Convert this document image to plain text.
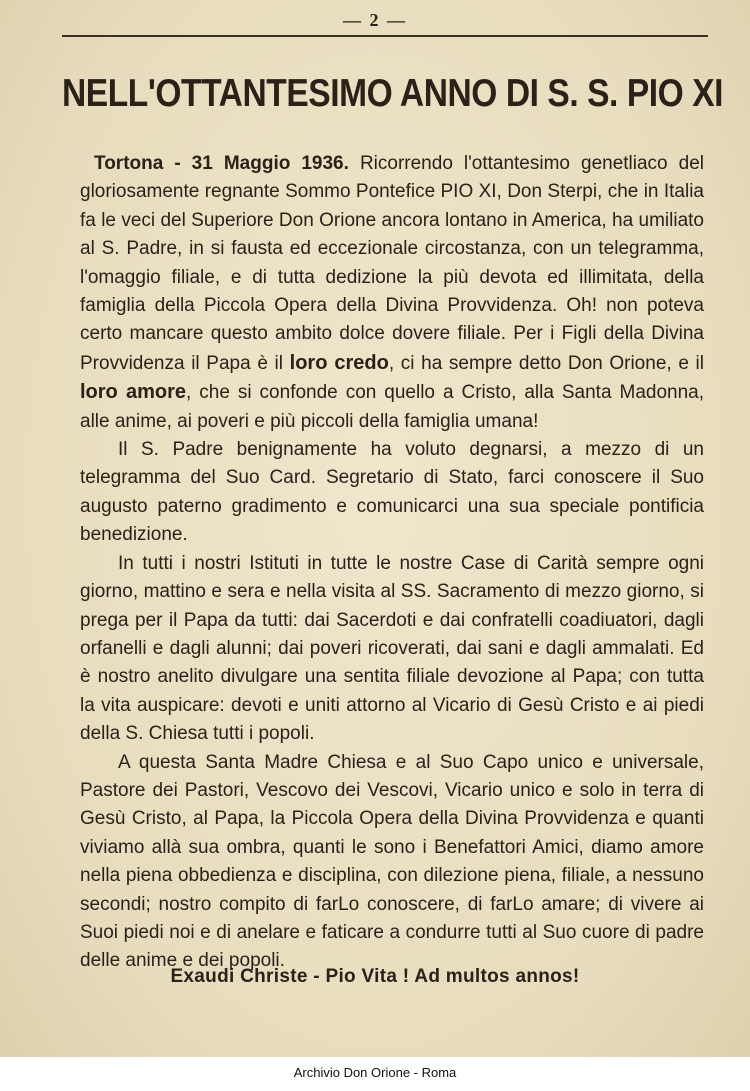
— 2 —
NELL'OTTANTESIMO ANNO DI S. S. PIO XI

Tortona - 31 Maggio 1936. Ricorrendo l'ottantesimo genetliaco del gloriosamente regnante Sommo Pontefice PIO XI, Don Sterpi, che in Italia fa le veci del Superiore Don Orione ancora lontano in America, ha umiliato al S. Padre, in si fausta ed eccezionale circostanza, con un telegramma, l'omaggio filiale, e di tutta dedizione la più devota ed illimitata, della famiglia della Piccola Opera della Divina Provvidenza. Oh! non poteva certo mancare questo ambito dolce dovere filiale. Per i Figli della Divina Provvidenza il Papa è il loro credo, ci ha sempre detto Don Orione, e il loro amore, che si confonde con quello a Cristo, alla Santa Madonna, alle anime, ai poveri e più piccoli della famiglia umana!

Il S. Padre benignamente ha voluto degnarsi, a mezzo di un telegramma del Suo Card. Segretario di Stato, farci conoscere il Suo augusto paterno gradimento e comunicarci una sua speciale pontificia benedizione.

In tutti i nostri Istituti in tutte le nostre Case di Carità sempre ogni giorno, mattino e sera e nella visita al SS. Sacramento di mezzo giorno, si prega per il Papa da tutti: dai Sacerdoti e dai confratelli coadiuatori, dagli orfanelli e dagli alunni; dai poveri ricoverati, dai sani e dagli ammalati. Ed è nostro anelito divulgare una sentita filiale devozione al Papa; con tutta la vita auspicare: devoti e uniti attorno al Vicario di Gesù Cristo e ai piedi della S. Chiesa tutti i popoli.

A questa Santa Madre Chiesa e al Suo Capo unico e universale, Pastore dei Pastori, Vescovo dei Vescovi, Vicario unico e solo in terra di Gesù Cristo, al Papa, la Piccola Opera della Divina Provvidenza e quanti viviamo allà sua ombra, quanti le sono i Benefattori Amici, diamo amore nella piena obbedienza e disciplina, con dilezione piena, filiale, a nessuno secondi; nostro compito di farLo conoscere, di farLo amare; di vivere ai Suoi piedi noi e di anelare e faticare a condurre tutti al Suo cuore di padre delle anime e dei popoli.

Exaudi Christe - Pio Vita ! Ad multos annos!
Archivio Don Orione - Roma
